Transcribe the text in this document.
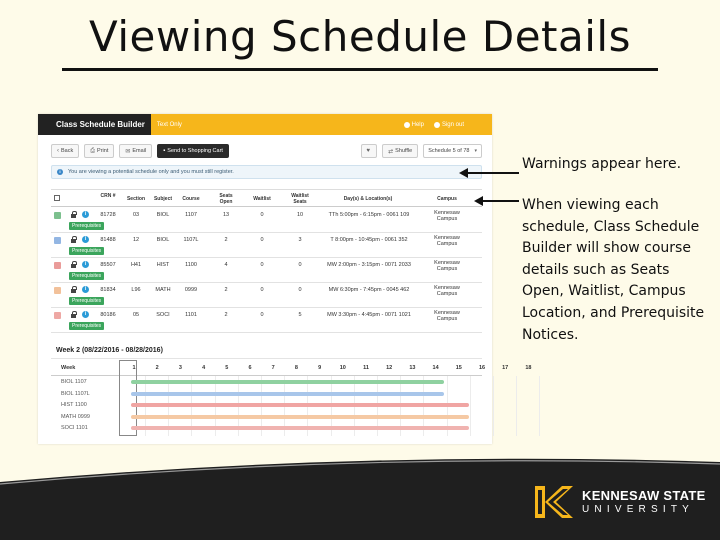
Viewing Schedule Details
Class Schedule Builder	Text Only	Help	Sign out
‹ Back	⎙ Print	✉ Email	▪ Send to Shopping Cart	♥	⇄ Shuffle	Schedule 5 of 78 ▾
i	You are viewing a potential schedule only and you must still register.
CRN #	Section	Subject	Course	Seats Open	Waitlist	Waitlist Seats	Day(s) & Location(s)	Campus
i
Prerequisites
81728	03	BIOL	1107	13	0	10	TTh 5:00pm - 6:15pm - 0061 109	Kennesaw Campus
i
Prerequisites
81488	12	BIOL	1107L	2	0	3	T 8:00pm - 10:45pm - 0061 352	Kennesaw Campus
i
Prerequisites
85507	H41	HIST	1100	4	0	0	MW 2:00pm - 3:15pm - 0071 2033	Kennesaw Campus
i
Prerequisites
81834	L96	MATH	0999	2	0	0	MW 6:30pm - 7:45pm - 0045 462	Kennesaw Campus
i
Prerequisites
80186	05	SOCI	1101	2	0	5	MW 3:30pm - 4:45pm - 0071 1021	Kennesaw Campus
Week 2 (08/22/2016 - 08/28/2016)
Week	1	2	3	4	5	6	7	8	9	10	11	12	13	14	15	16	17	18
BIOL 1107
BIOL 1107L
HIST 1100
MATH 0999
SOCI 1101
Warnings appear here.
When viewing each schedule, Class Schedule Builder will show course details such as Seats Open, Waitlist, Campus Location, and Prerequisite Notices.
KENNESAW STATE
UNIVERSITY
